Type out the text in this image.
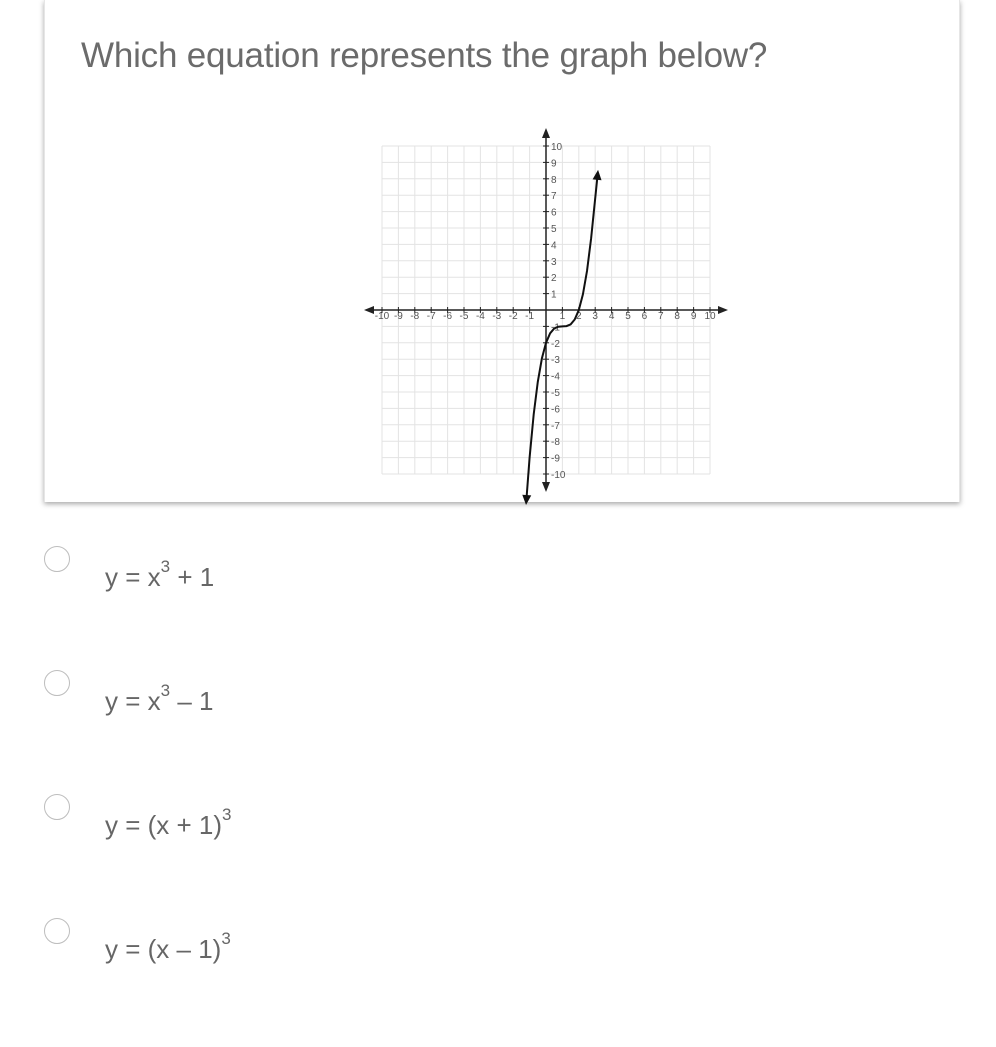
Which equation represents the graph below?
-10 -9 -8 -7 -6 -5 -4 -3 -2 -1	1 2 3 4 5 6 7 8 9 10
10
9
8
7
6
5
4
3
2
1
-1
-2
-3
-4
-5
-6
-7
-8
-9
-10
$y = x^3 + 1$
$y = x^3 - 1$
$y = (x + 1)^3$
y = (x – 1)$^3$
